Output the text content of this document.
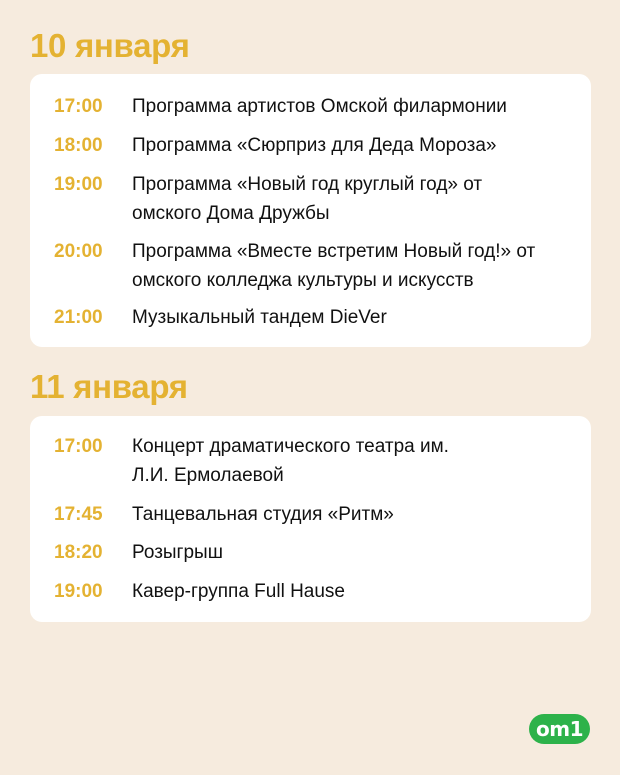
10 января
17:00 Программа артистов Омской филармонии
18:00 Программа «Сюрприз для Деда Мороза»
19:00 Программа «Новый год круглый год» от омского Дома Дружбы
20:00 Программа «Вместе встретим Новый год!» от омского колледжа культуры и искусств
21:00 Музыкальный тандем DieVer
11 января
17:00 Концерт драматического театра им. Л.И. Ермолаевой
17:45 Танцевальная студия «Ритм»
18:20 Розыгрыш
19:00 Кавер-группа Full Hause
om1
